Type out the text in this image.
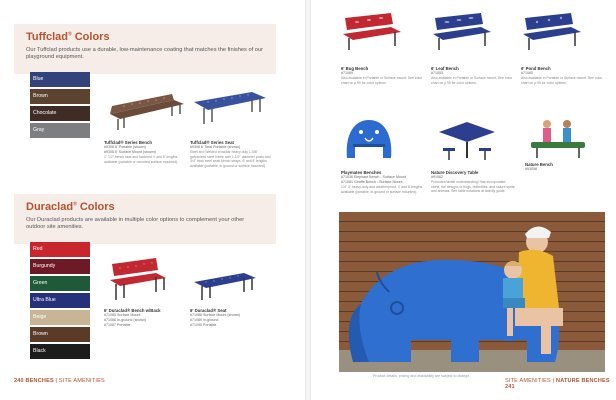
Tuffclad® Colors
Our Tuffclad products use a durable, low-maintenance coating that matches the finishes of our playground equipment.
Blue
Brown
Chocolate
Gray
Tuffclad® Series Bench
#9308 6' Portable (shown)
#9308 6' Surface Mount (shown)
1" 1/2" bench seat and backrest 4' and 8' lengths available (portable or mounted surface mounted).
Tuffclad® Series Seat
#9306 6' Seat Portable (shown)
Steel and Welded crossbar heavy duty 1-5/8" galvanized steel frame with 1-1/2" diameter posts and 3/4" thick steel seat/ bench straps. 6' and 8' lengths available (portable, in ground or surface mounted).
Duraclad® Colors
Our Duraclad products are available in multiple color options to complement your other outdoor site amenities.
Red
Burgundy
Green
Ultra Blue
Beige
Brown
Black
6' Duraclad® Bench w/Back
#71085 Surface Mount
#71086 In-ground (shown)
#71087 Portable
6' Duraclad® Seat
#71088 Surface Mount (shown)
#71089 In-ground
#71090 Portable
240 BENCHES | SITE AMENITIES
6' Bug Bench
#71069
Also available in Portable or Surface mount. See color chart on p.99 for color options.
6' Leaf Bench
#71053
Also available in Portable or Surface mount. See color chart on p.99 for color options.
6' Pond Bench
#71060
Also available in Portable or Surface mount. See color chart on p.99 for color options.
Playmates Benches
#71036 Elephant Bench - Surface Mount
#71081 Giraffe Bench - Surface Mount
1/4" 3" heavy-duty and weatherproof. 4' and 6' lengths available (portable, in-ground or surface mounted).
Nature Discovery Table
#91062
Promotes tactile understanding! Has incorporated stone, the designs of frogs, butterflies, and nature sprite and animals. See table notations at activity guide.
Nature Bench
#93058
Product details, pricing and availability are subject to change.
SITE AMENITIES | NATURE BENCHES 241
